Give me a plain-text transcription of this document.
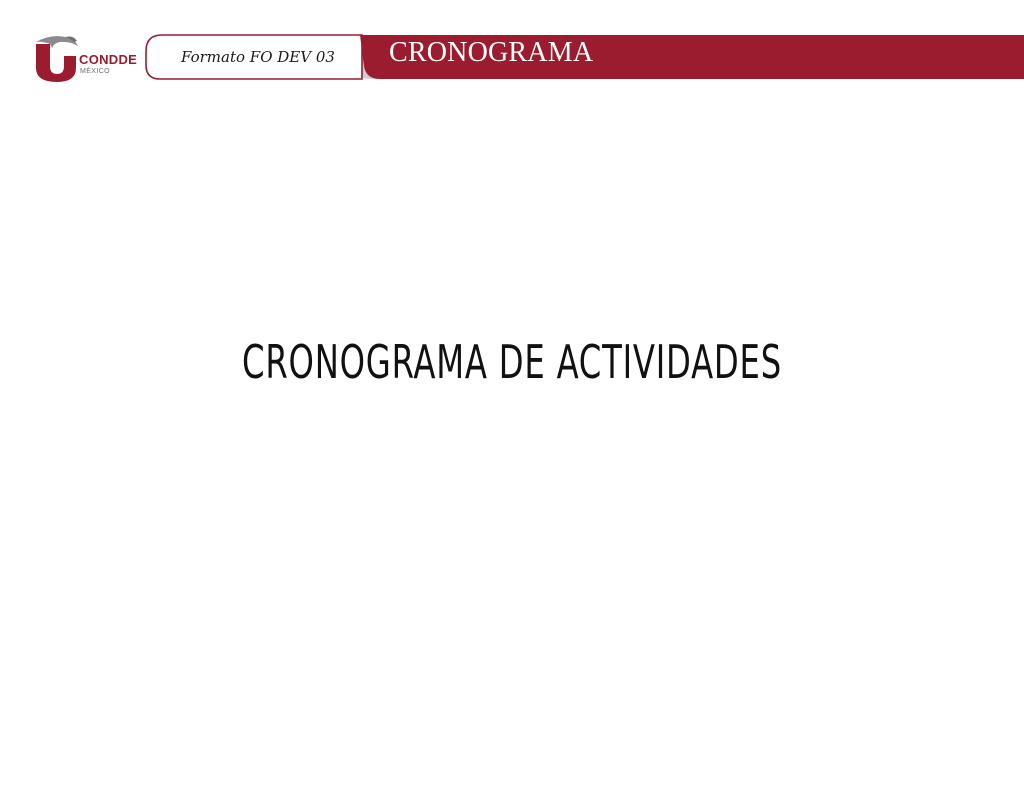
CONDDE
MÉXICO
Formato FO DEV 03 CRONOGRAMA
CRONOGRAMA DE ACTIVIDADES
